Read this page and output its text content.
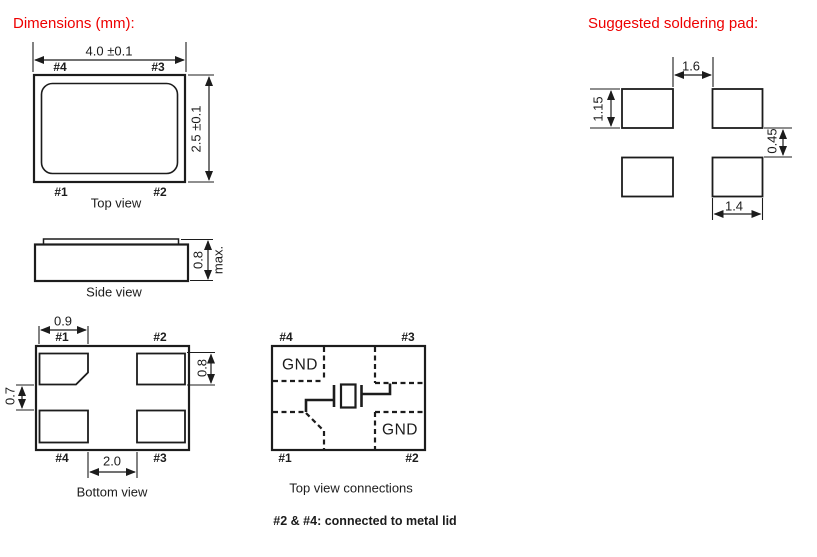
Dimensions (mm):	Suggested soldering pad:
4.0 ±0.1
2.5 ±0.1
#4	#3
#1	#2
Top view
0.8 max.
Side view
0.9
#1	#2
0.8
0.7
#4	#3
2.0
Bottom view
#4	#3
#1	#2
GND
GND
Top view connections
1.6
1.15
0.45
1.4
#2 & #4: connected to metal lid
